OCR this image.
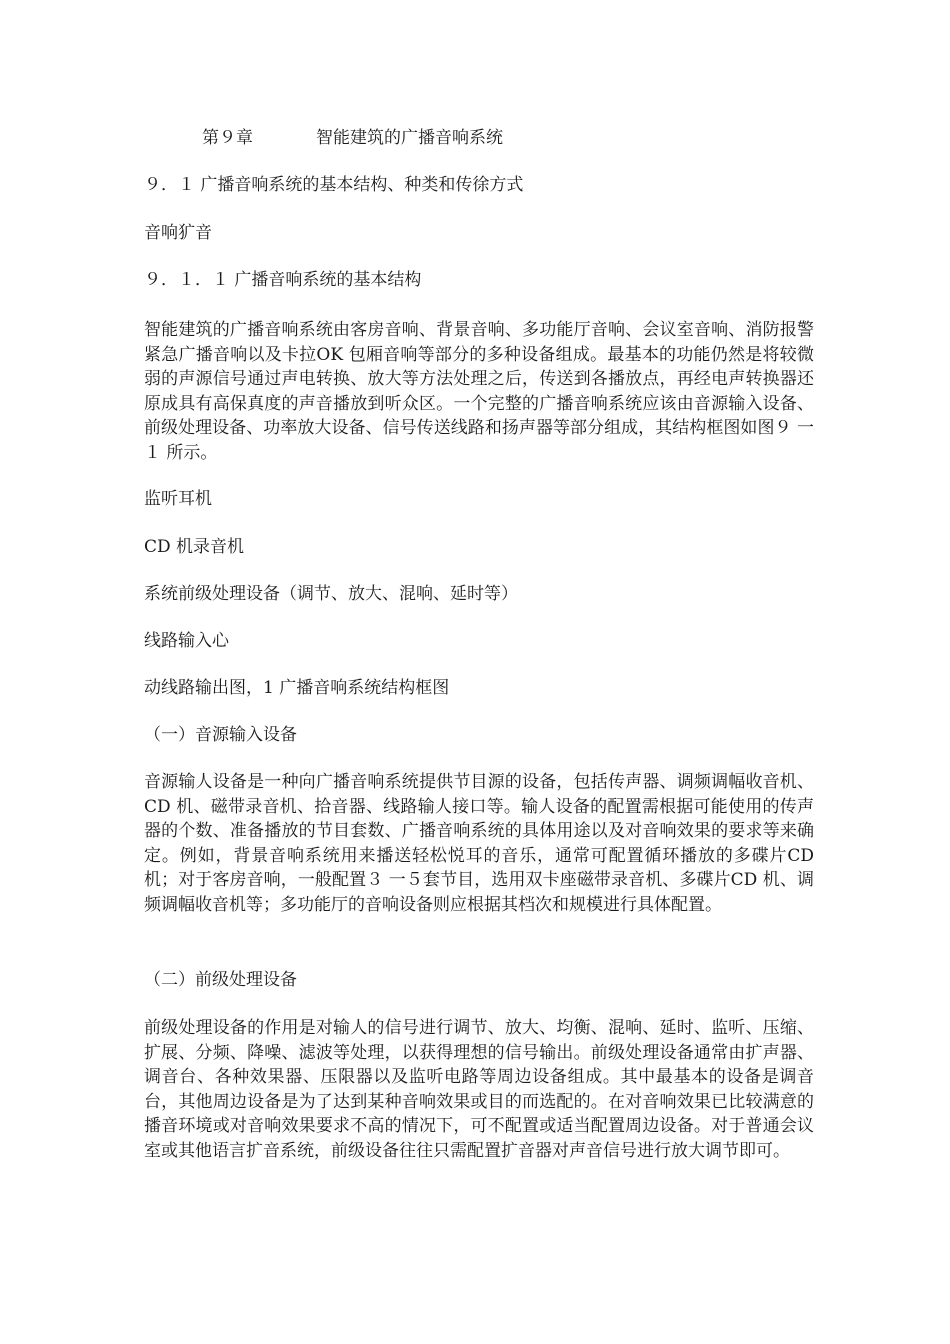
第９章	智能建筑的广播音响系统
９．１ 广播音响系统的基本结构、种类和传徐方式
音响犷音
９．１．１ 广播音响系统的基本结构
智能建筑的广播音响系统由客房音响、背景音响、多功能厅音响、会议室音响、消防报警紧急广播音响以及卡拉OK 包厢音响等部分的多种设备组成。最基本的功能仍然是将较微弱的声源信号通过声电转换、放大等方法处理之后，传送到各播放点，再经电声转换器还原成具有高保真度的声音播放到听众区。一个完整的广播音响系统应该由音源输入设备、前级处理设备、功率放大设备、信号传送线路和扬声器等部分组成，其结构框图如图９ 一１ 所示。
监听耳机
CD 机录音机
系统前级处理设备（调节、放大、混响、延时等）
线路输入心
动线路输出图，1 广播音响系统结构框图
（一）音源输入设备
音源输人设备是一种向广播音响系统提供节目源的设备，包括传声器、调频调幅收音机、CD 机、磁带录音机、拾音器、线路输人接口等。输人设备的配置需根据可能使用的传声器的个数、准备播放的节目套数、广播音响系统的具体用途以及对音响效果的要求等来确定。例如，背景音响系统用来播送轻松悦耳的音乐，通常可配置循环播放的多碟片CD 机；对于客房音响，一般配置３ 一５套节目，选用双卡座磁带录音机、多碟片CD 机、调频调幅收音机等；多功能厅的音响设备则应根据其档次和规模进行具体配置。
（二）前级处理设备
前级处理设备的作用是对输人的信号进行调节、放大、均衡、混响、延时、监听、压缩、扩展、分频、降噪、滤波等处理，以获得理想的信号输出。前级处理设备通常由扩声器、调音台、各种效果器、压限器以及监听电路等周边设备组成。其中最基本的设备是调音台，其他周边设备是为了达到某种音响效果或目的而选配的。在对音响效果已比较满意的播音环境或对音响效果要求不高的情况下，可不配置或适当配置周边设备。对于普通会议室或其他语言扩音系统，前级设备往往只需配置扩音器对声音信号进行放大调节即可。
